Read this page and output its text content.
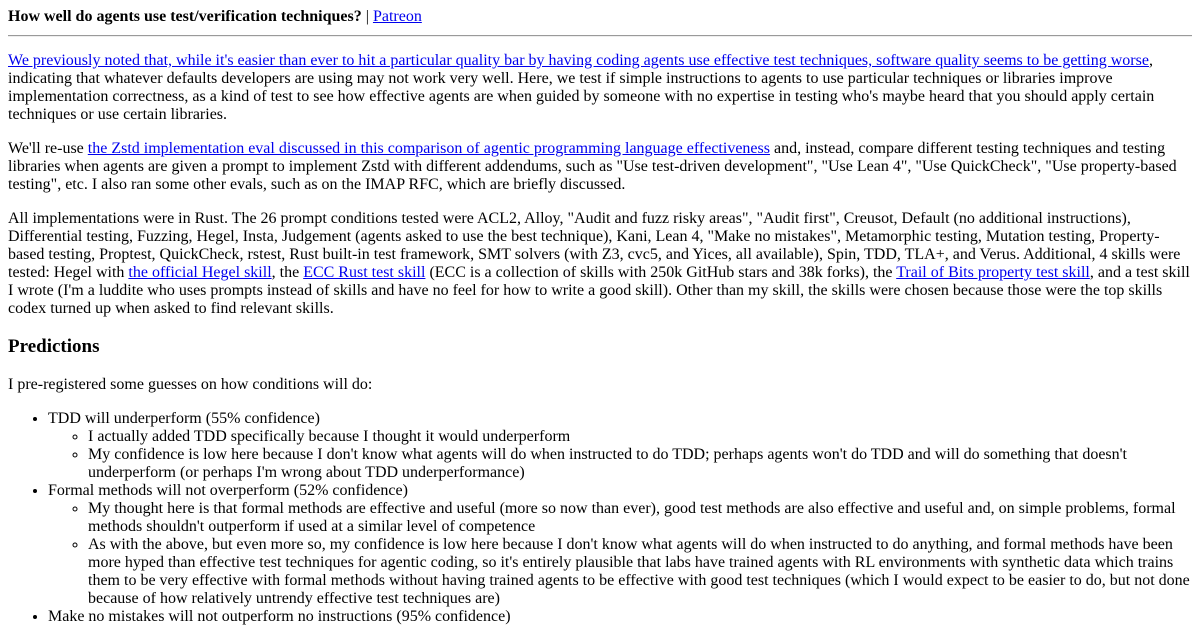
How well do agents use test/verification techniques? | Patreon

We previously noted that, while it's easier than ever to hit a particular quality bar by having coding agents use effective test techniques, software quality seems to be getting worse, indicating that whatever defaults developers are using may not work very well. Here, we test if simple instructions to agents to use particular techniques or libraries improve implementation correctness, as a kind of test to see how effective agents are when guided by someone with no expertise in testing who's maybe heard that you should apply certain techniques or use certain libraries.

We'll re-use the Zstd implementation eval discussed in this comparison of agentic programming language effectiveness and, instead, compare different testing techniques and testing libraries when agents are given a prompt to implement Zstd with different addendums, such as "Use test-driven development", "Use Lean 4", "Use QuickCheck", "Use property-based testing", etc. I also ran some other evals, such as on the IMAP RFC, which are briefly discussed.

All implementations were in Rust. The 26 prompt conditions tested were ACL2, Alloy, "Audit and fuzz risky areas", "Audit first", Creusot, Default (no additional instructions), Differential testing, Fuzzing, Hegel, Insta, Judgement (agents asked to use the best technique), Kani, Lean 4, "Make no mistakes", Metamorphic testing, Mutation testing, Property-based testing, Proptest, QuickCheck, rstest, Rust built-in test framework, SMT solvers (with Z3, cvc5, and Yices, all available), Spin, TDD, TLA+, and Verus. Additional, 4 skills were tested: Hegel with the official Hegel skill, the ECC Rust test skill (ECC is a collection of skills with 250k GitHub stars and 38k forks), the Trail of Bits property test skill, and a test skill I wrote (I'm a luddite who uses prompts instead of skills and have no feel for how to write a good skill). Other than my skill, the skills were chosen because those were the top skills codex turned up when asked to find relevant skills.

Predictions

I pre-registered some guesses on how conditions will do:

• TDD will underperform (55% confidence)
◦ I actually added TDD specifically because I thought it would underperform
◦ My confidence is low here because I don't know what agents will do when instructed to do TDD; perhaps agents won't do TDD and will do something that doesn't underperform (or perhaps I'm wrong about TDD underperformance)
• Formal methods will not overperform (52% confidence)
◦ My thought here is that formal methods are effective and useful (more so now than ever), good test methods are also effective and useful and, on simple problems, formal methods shouldn't outperform if used at a similar level of competence
◦ As with the above, but even more so, my confidence is low here because I don't know what agents will do when instructed to do anything, and formal methods have been more hyped than effective test techniques for agentic coding, so it's entirely plausible that labs have trained agents with RL environments with synthetic data which trains them to be very effective with formal methods without having trained agents to be effective with good test techniques (which I would expect to be easier to do, but not done because of how relatively untrendy effective test techniques are)
• Make no mistakes will not outperform no instructions (95% confidence)
